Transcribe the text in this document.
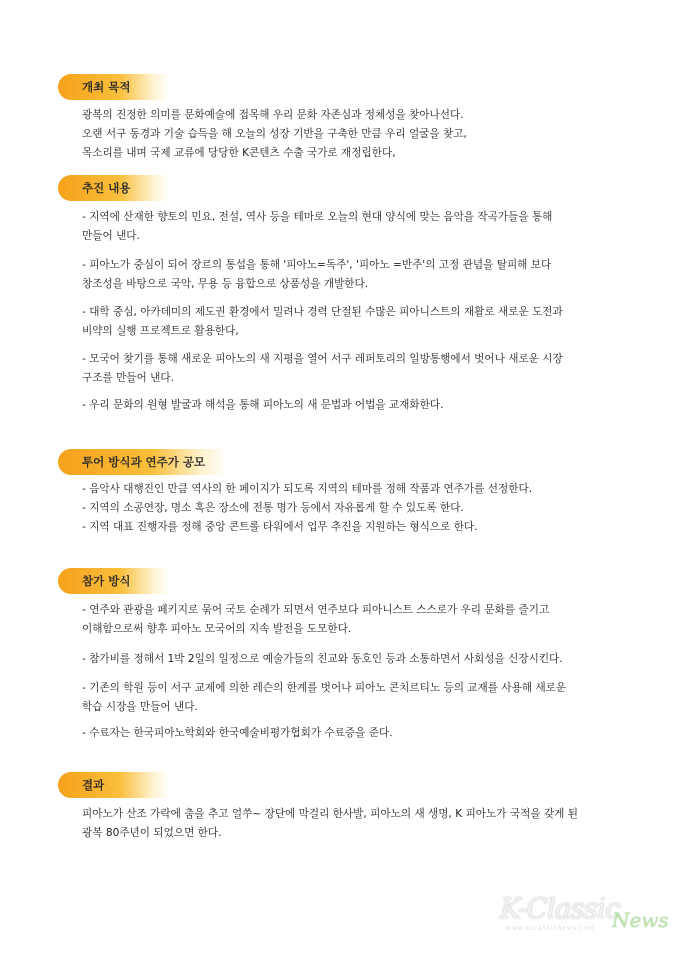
개최 목적

광복의 진정한 의미를 문화예술에 접목해 우리 문화 자존심과 정체성을 찾아나선다.

오랜 서구 동경과 기술 습득을 해 오늘의 성장 기반을 구축한 만큼 우리 얼굴을 찾고,

목소리를 내며 국제 교류에 당당한 K콘텐츠 수출 국가로 재정립한다,

추진 내용

- 지역에 산재한 향토의 민요, 전설, 역사 등을 테마로 오늘의 현대 양식에 맞는 음악을 작곡가들을 통해

만들어 낸다.

- 피아노가 중심이 되어 장르의 통섭을 통해 '피아노=독주', '피아노 =반주'의 고정 관념을 탈피해 보다

창조성을 바탕으로 국악, 무용 등 융합으로 상품성을 개발한다.

- 대학 중심, 아카데미의 제도권 환경에서 밀려나 경력 단절된 수많은 피아니스트의 재활로 새로운 도전과

비약의 실행 프로젝트로 활용한다,

- 모국어 찾기를 통해 새로운 피아노의 새 지평을 열어 서구 레퍼토리의 일방통행에서 벗어나 새로운 시장

구조를 만들어 낸다.

- 우리 문화의 원형 발굴과 해석을 통해 피아노의 새 문법과 어법을 교재화한다.

투어 방식과 연주가 공모

- 음악사 대행진인 만큼 역사의 한 페이지가 되도록 지역의 테마를 정해 작품과 연주가를 선정한다.

- 지역의 소공연장, 명소 혹은 장소에 전통 명가 등에서 자유롭게 할 수 있도록 한다.

- 지역 대표 진행자를 정해 중앙 콘트롤 타워에서 업무 추진을 지원하는 형식으로 한다.

참가 방식

- 연주와 관광을 페키지로 묶어 국토 순례가 되면서 연주보다 피아니스트 스스로가 우리 문화를 즐기고

이해함으로써 향후 피아노 모국어의 지속 발전을 도모한다.

- 참가비를 정해서 1박 2일의 일정으로 예술가들의 친교와 동호인 등과 소통하면서 사회성을 신장시킨다.

- 기존의 학원 등이 서구 교제에 의한 레슨의 한계를 벗어나 피아노 콘치르티노 등의 교재를 사용해 새로운

학습 시장을 만들어 낸다.

- 수료자는 한국피아노학회와 한국예술비평가협회가 수료증을 준다.

결과

피아노가 산조 가락에 춤을 추고 얼쑤~ 장단에 막걸리 한사발, 피아노의 새 생명, K 피아노가 국적을 갖게 된

광복 80주년이 되었으면 한다.

K-Classic
News
WWW.KCLASSICNEWS.COM
